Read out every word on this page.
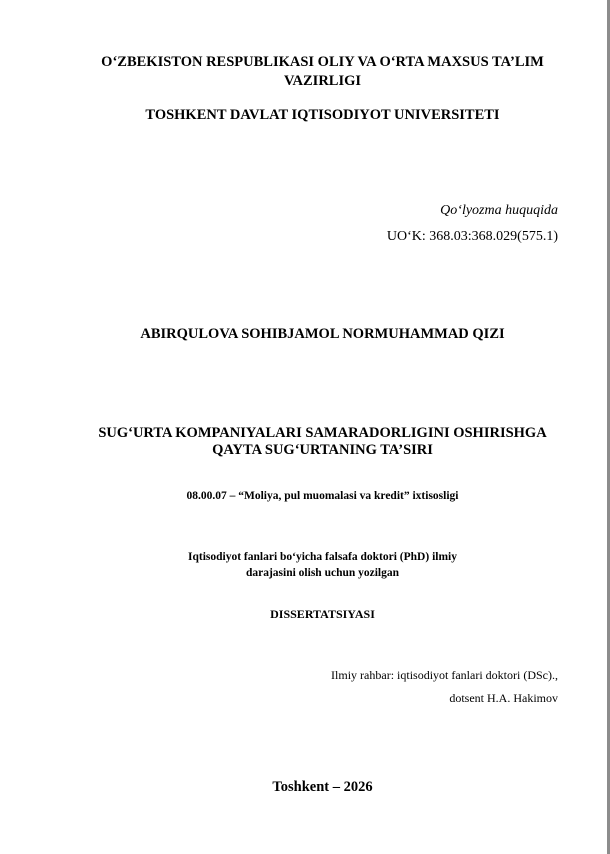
O‘ZBEKISTON RESPUBLIKASI OLIY VA O‘RTA MAXSUS TA’LIM
VAZIRLIGI
TOSHKENT DAVLAT IQTISODIYOT UNIVERSITETI
Qo‘lyozma huquqida
UO‘K: 368.03:368.029(575.1)
ABIRQULOVA SOHIBJAMOL NORMUHAMMAD QIZI
SUG‘URTA KOMPANIYALARI SAMARADORLIGINI OSHIRISHGA
QAYTA SUG‘URTANING TA’SIRI
08.00.07 – “Moliya, pul muomalasi va kredit” ixtisosligi
Iqtisodiyot fanlari bo‘yicha falsafa doktori (PhD) ilmiy
darajasini olish uchun yozilgan
DISSERTATSIYASI
Ilmiy rahbar: iqtisodiyot fanlari doktori (DSc).,
dotsent H.A. Hakimov
Toshkent – 2026
